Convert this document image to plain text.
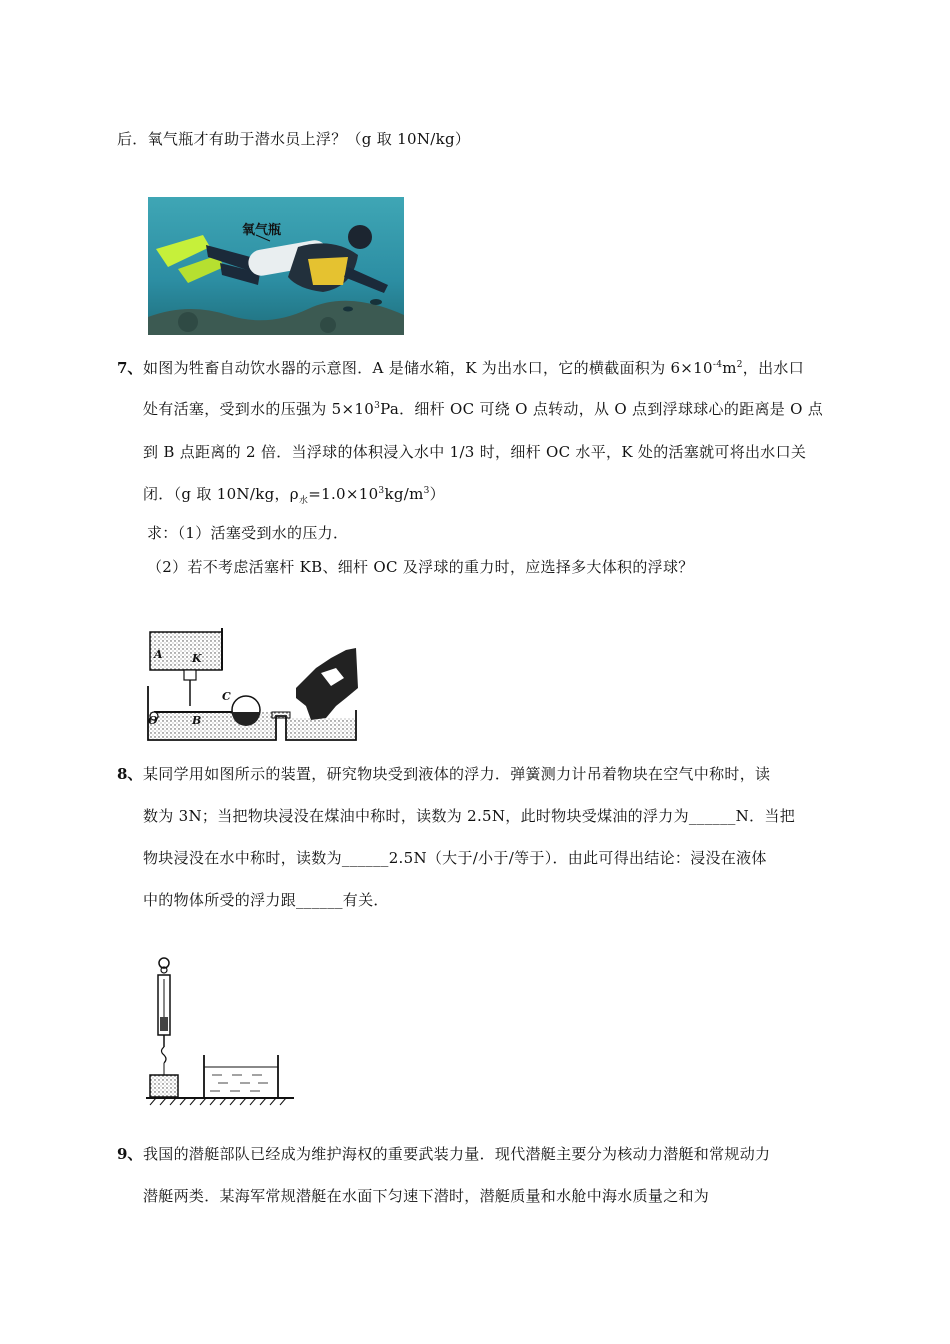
后．氧气瓶才有助于潜水员上浮？（g 取 10N/kg）
氧气瓶
7、 如图为牲畜自动饮水器的示意图．A 是储水箱，K 为出水口，它的横截面积为 $6\times 10^{-4}m^2$，出水口
处有活塞，受到水的压强为 $5\times 10^3Pa$．细杆 OC 可绕 O 点转动，从 O 点到浮球球心的距离是 O 点
到 B 点距离的 2 倍．当浮球的体积浸入水中 1/3 时，细杆 OC 水平，K 处的活塞就可将出水口关
闭．（g 取 10N/kg，$\rho_水=1.0\times 10^3kg/m^3$）
求：（1）活塞受到水的压力．
（2）若不考虑活塞杆 KB、细杆 OC 及浮球的重力时，应选择多大体积的浮球？
A	K
C
O	B
8、 某同学用如图所示的装置，研究物块受到液体的浮力．弹簧测力计吊着物块在空气中称时，读
数为 3N；当把物块浸没在煤油中称时，读数为 2.5N，此时物块受煤油的浮力为______N．当把
物块浸没在水中称时，读数为______2.5N（大于/小于/等于）．由此可得出结论：浸没在液体
中的物体所受的浮力跟______有关．
9、 我国的潜艇部队已经成为维护海权的重要武装力量．现代潜艇主要分为核动力潜艇和常规动力
潜艇两类．某海军常规潜艇在水面下匀速下潜时，潜艇质量和水舱中海水质量之和为
